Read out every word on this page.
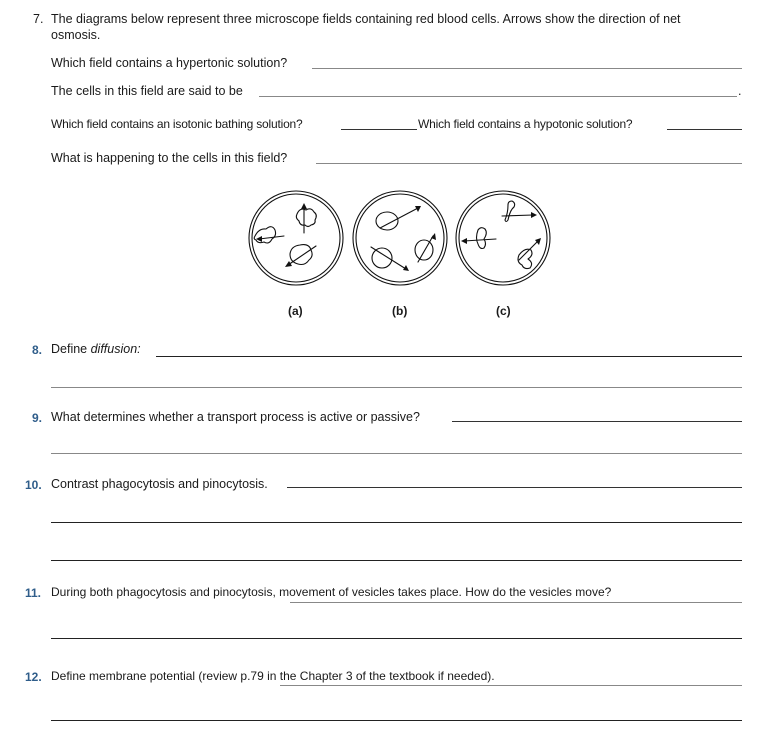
7. The diagrams below represent three microscope fields containing red blood cells. Arrows show the direction of net
osmosis.
Which field contains a hypertonic solution?
The cells in this field are said to be	.
Which field contains an isotonic bathing solution?	Which field contains a hypotonic solution?
What is happening to the cells in this field?
(a)	(b)	(c)
8. Define diffusion:
9. What determines whether a transport process is active or passive?
10. Contrast phagocytosis and pinocytosis.
11. During both phagocytosis and pinocytosis, movement of vesicles takes place. How do the vesicles move?
12. Define membrane potential (review p.79 in the Chapter 3 of the textbook if needed).
